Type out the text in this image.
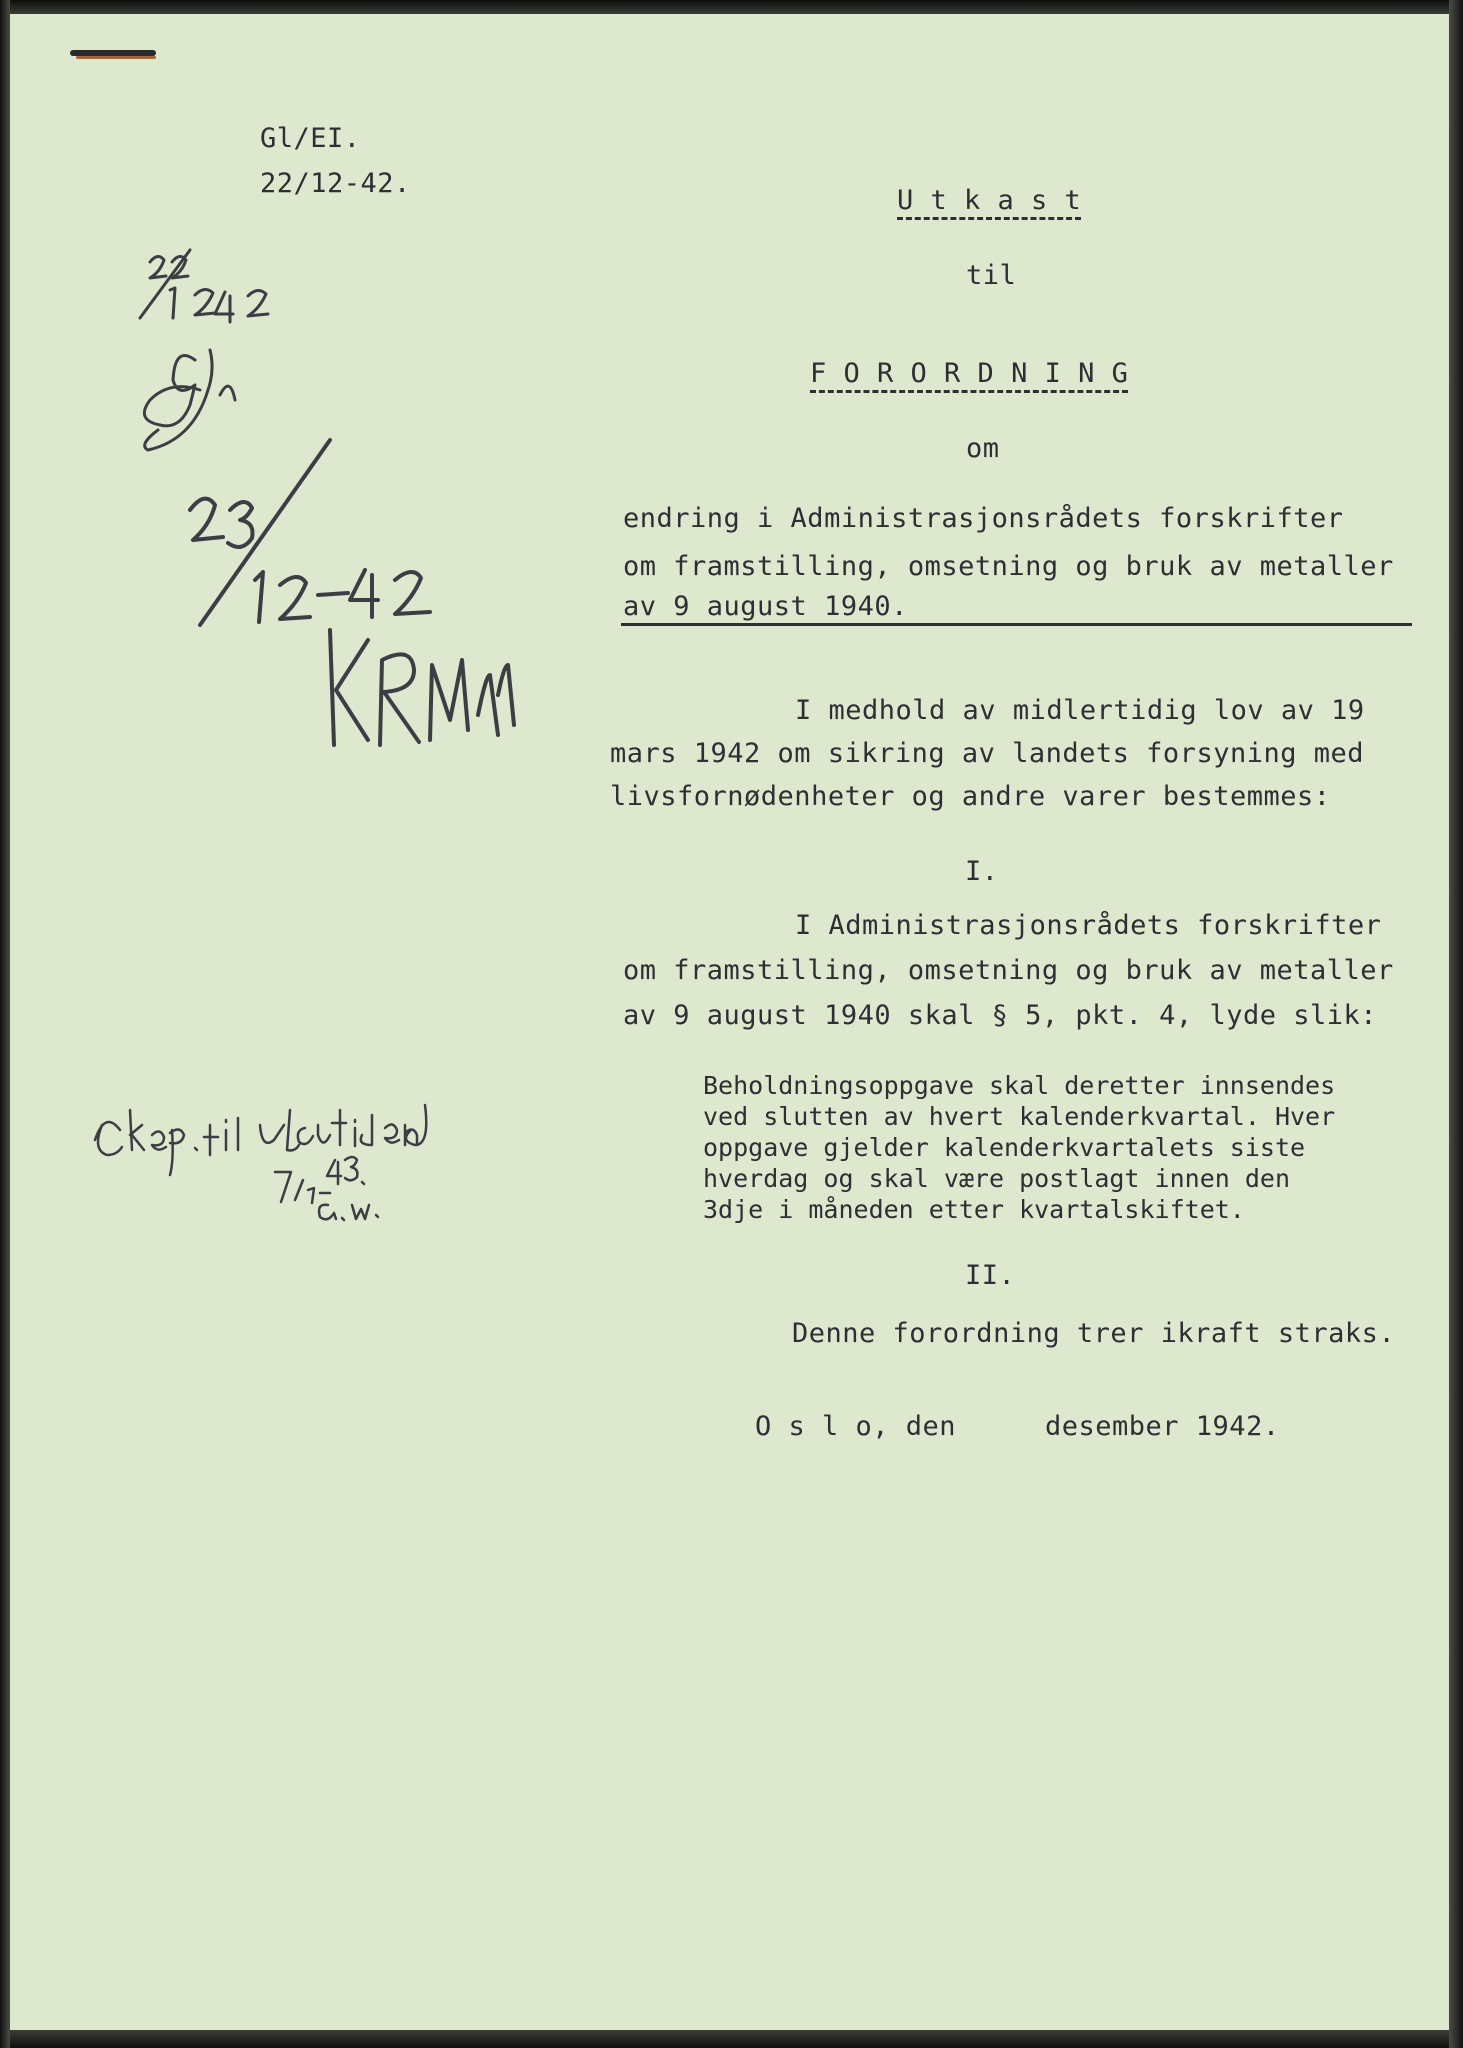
Gl/EI.
22/12-42.
U t k a s t
til
F O R O R D N I N G
om
endring i Administrasjonsrådets forskrifter
om framstilling, omsetning og bruk av metaller
av 9 august 1940.
I medhold av midlertidig lov av 19
mars 1942 om sikring av landets forsyning med
livsfornødenheter og andre varer bestemmes:
I.
I Administrasjonsrådets forskrifter
om framstilling, omsetning og bruk av metaller
av 9 august 1940 skal § 5, pkt. 4, lyde slik:
Beholdningsoppgave skal deretter innsendes
ved slutten av hvert kalenderkvartal. Hver
oppgave gjelder kalenderkvartalets siste
hverdag og skal være postlagt innen den
3dje i måneden etter kvartalskiftet.
II.
Denne forordning trer ikraft straks.
O s l o, den	desember 1942.
